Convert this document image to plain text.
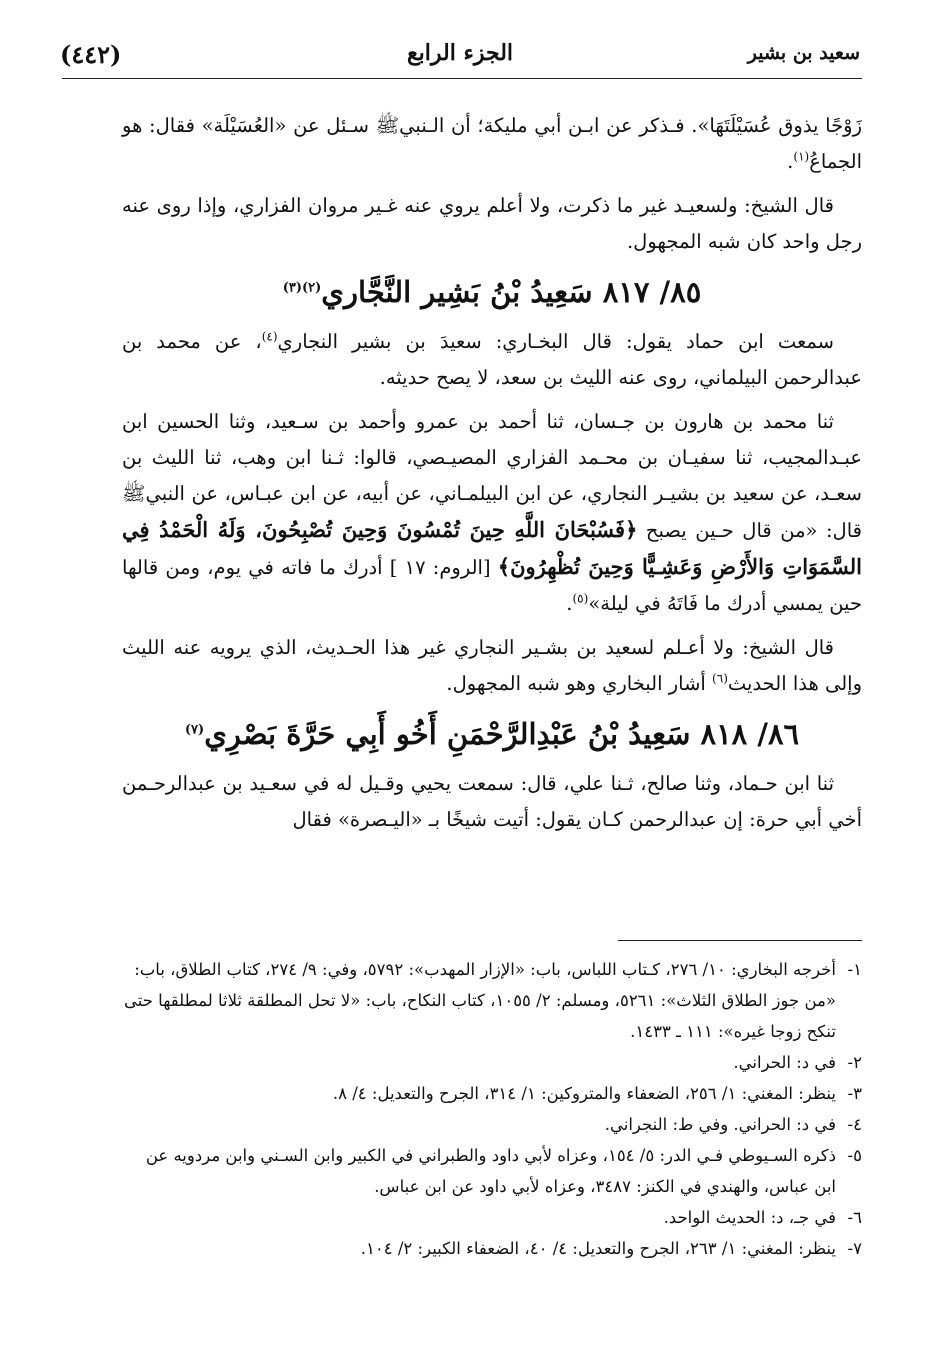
(٤٤٢)	الجزء الرابع	سعيد بن بشير

زَوْجًا يذوق عُسَيْلَتَهَا». فـذكر عن ابـن أبي مليكة؛ أن الـنبيﷺ سـئل عن «العُسَيْلَة» فقال: هو الجماعُ$^{(١)}$.

قال الشيخ: ولسعيـد غير ما ذكرت، ولا أعلم يروي عنه غـير مروان الفزاري، وإذا روى عنه رجل واحد كان شبه المجهول.

٨٥/ ٨١٧ سَعِيدُ بْنُ بَشِير النَّجَّاري$^{(٢)(٣)}$

سمعت ابن حماد يقول: قال البخـاري: سعيدَ بن بشير النجاري$^{(٤)}$، عن محمد بن عبدالرحمن البيلماني، روى عنه الليث بن سعد، لا يصح حديثه.

ثنا محمد بن هارون بن جـسان، ثنا أحمد بن عمرو وأحمد بن سـعيد، وثنا الحسين ابن عبـدالمجيب، ثنا سفيـان بن محـمد الفزاري المصيـصي، قالوا: ثـنا ابن وهب، ثنا الليث بن سعـد، عن سعيد بن بشيـر النجاري، عن ابن البيلمـاني، عن أبيه، عن ابن عبـاس، عن النبيﷺ قال: «من قال حـين يصبح ﴿فَسُبْحَانَ اللَّهِ حِينَ تُمْسُونَ وَحِينَ تُصْبِحُونَ، وَلَهُ الْحَمْدُ فِي السَّمَوَاتِ وَالأَرْضِ وَعَشِـيًّا وَحِينَ تُظْهِرُونَ﴾ [الروم: ١٧ ] أدرك ما فاته في يوم، ومن قالها حين يمسي أدرك ما فَاتَهُ في ليلة»$^{(٥)}$.

قال الشيخ: ولا أعـلم لسعيد بن بشـير النجاري غير هذا الحـديث، الذي يرويه عنه الليث وإلى هذا الحديث$^{(٦)}$ أشار البخاري وهو شبه المجهول.

٨٦/ ٨١٨ سَعِيدُ بْنُ عَبْدِالرَّحْمَنِ أَخُو أَبِي حَرَّةَ بَصْرِي$^{(٧)}$

ثنا ابن حـماد، وثنا صالح، ثـنا علي، قال: سمعت يحيي وقـيل له في سعـيد بن عبدالرحـمن أخي أبي حرة: إن عبدالرحمن كـان يقول: أتيت شيخًا بـ «اليـصرة» فقال

١-أخرجه البخاري: ١٠/ ٢٧٦، كـتاب اللباس، باب: «الإزار المهدب»: ٥٧٩٢، وفي: ٩/ ٢٧٤، كتاب الطلاق، باب: «من جوز الطلاق الثلاث»: ٥٢٦١، ومسلم: ٢/ ١٠٥٥، كتاب النكاح، باب: «لا تحل المطلقة ثلاثا لمطلقها حتى تنكح زوجا غيره»: ١١١ ـ ١٤٣٣.

٢-في د: الحراني.

٣-ينظر: المغني: ١/ ٢٥٦، الضعفاء والمتروكين: ١/ ٣١٤، الجرح والتعديل: ٤/ ٨.

٤-في د: الحراني. وفي ط: النجراني.

٥-ذكره السـيوطي فـي الدر: ٥/ ١٥٤، وعزاه لأبي داود والطبراني في الكبير وابن السـني وابن مردويه عن ابن عباس، والهندي في الكنز: ٣٤٨٧، وعزاه لأبي داود عن ابن عباس.

٦-في جـ، د: الحديث الواحد.

٧-ينظر: المغني: ١/ ٢٦٣، الجرح والتعديل: ٤/ ٤٠، الضعفاء الكبير: ٢/ ١٠٤.
